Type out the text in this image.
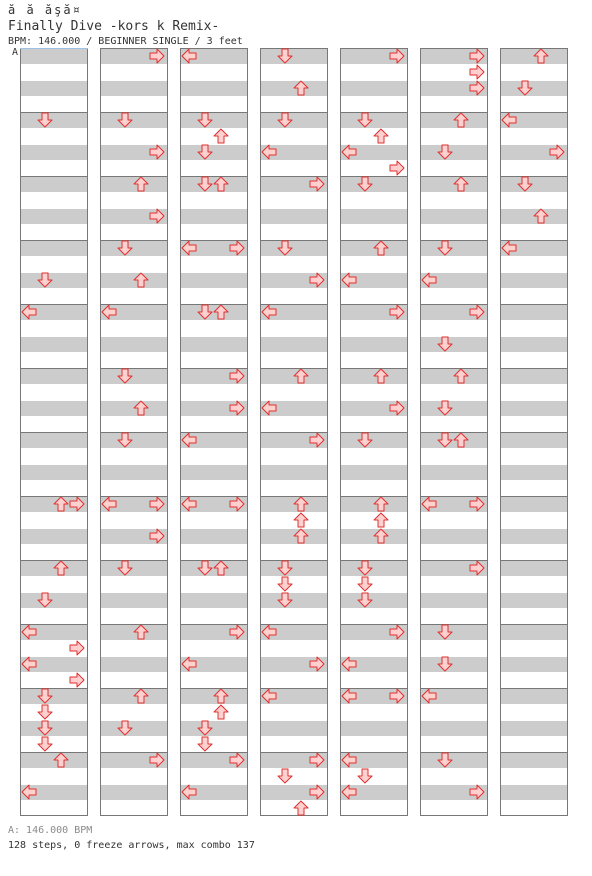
ă ă ăşă¤
Finally Dive -kors k Remix-
BPM: 146.000 / BEGINNER SINGLE / 3 feet
A
A: 146.000 BPM
128 steps, 0 freeze arrows, max combo 137
